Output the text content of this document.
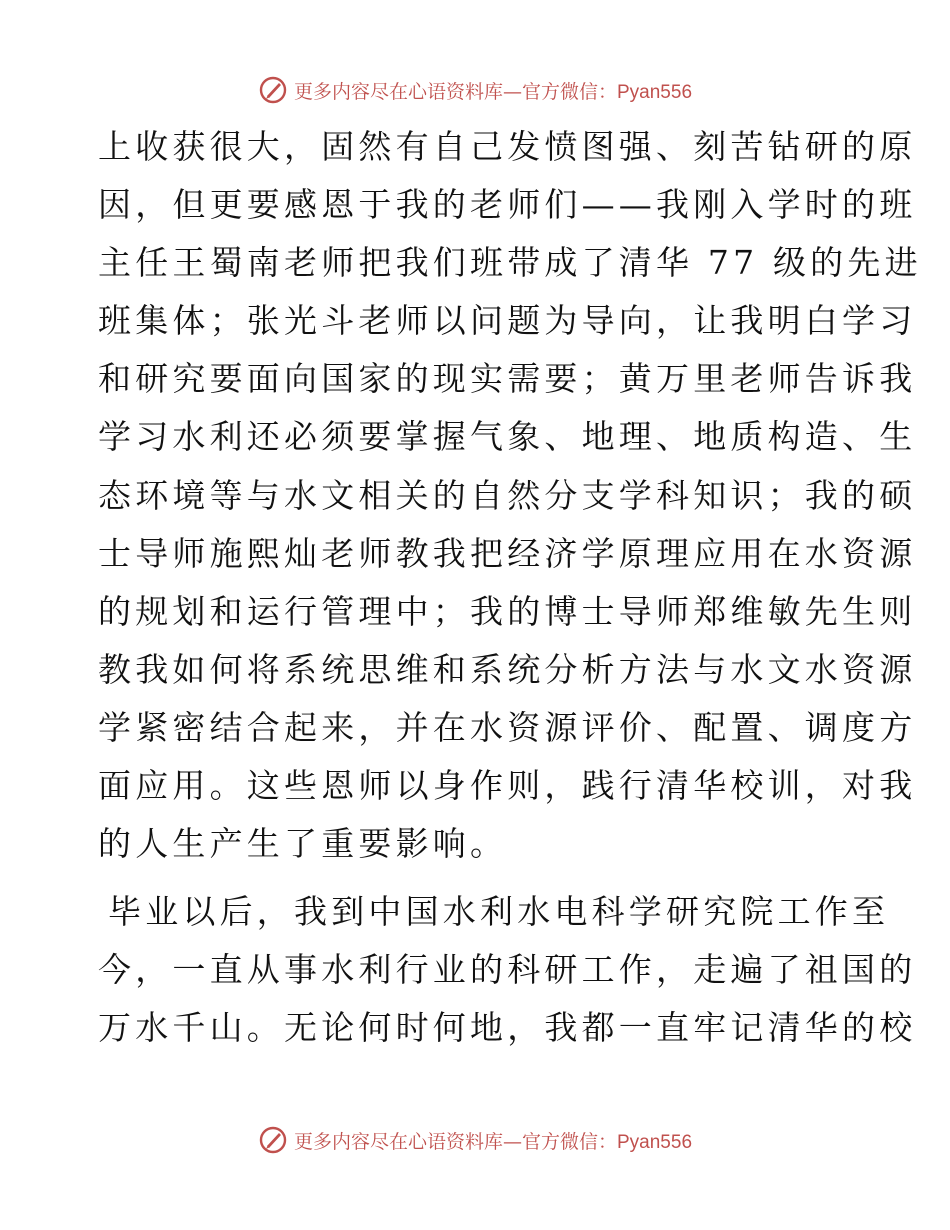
更多内容尽在心语资料库—官方微信：Pyan556
上收获很大，固然有自己发愤图强、刻苦钻研的原
因，但更要感恩于我的老师们——我刚入学时的班
主任王蜀南老师把我们班带成了清华 77 级的先进
班集体；张光斗老师以问题为导向，让我明白学习
和研究要面向国家的现实需要；黄万里老师告诉我
学习水利还必须要掌握气象、地理、地质构造、生
态环境等与水文相关的自然分支学科知识；我的硕
士导师施熙灿老师教我把经济学原理应用在水资源
的规划和运行管理中；我的博士导师郑维敏先生则
教我如何将系统思维和系统分析方法与水文水资源
学紧密结合起来，并在水资源评价、配置、调度方
面应用。这些恩师以身作则，践行清华校训，对我
的人生产生了重要影响。
毕业以后，我到中国水利水电科学研究院工作至
今，一直从事水利行业的科研工作，走遍了祖国的
万水千山。无论何时何地，我都一直牢记清华的校
更多内容尽在心语资料库—官方微信：Pyan556
